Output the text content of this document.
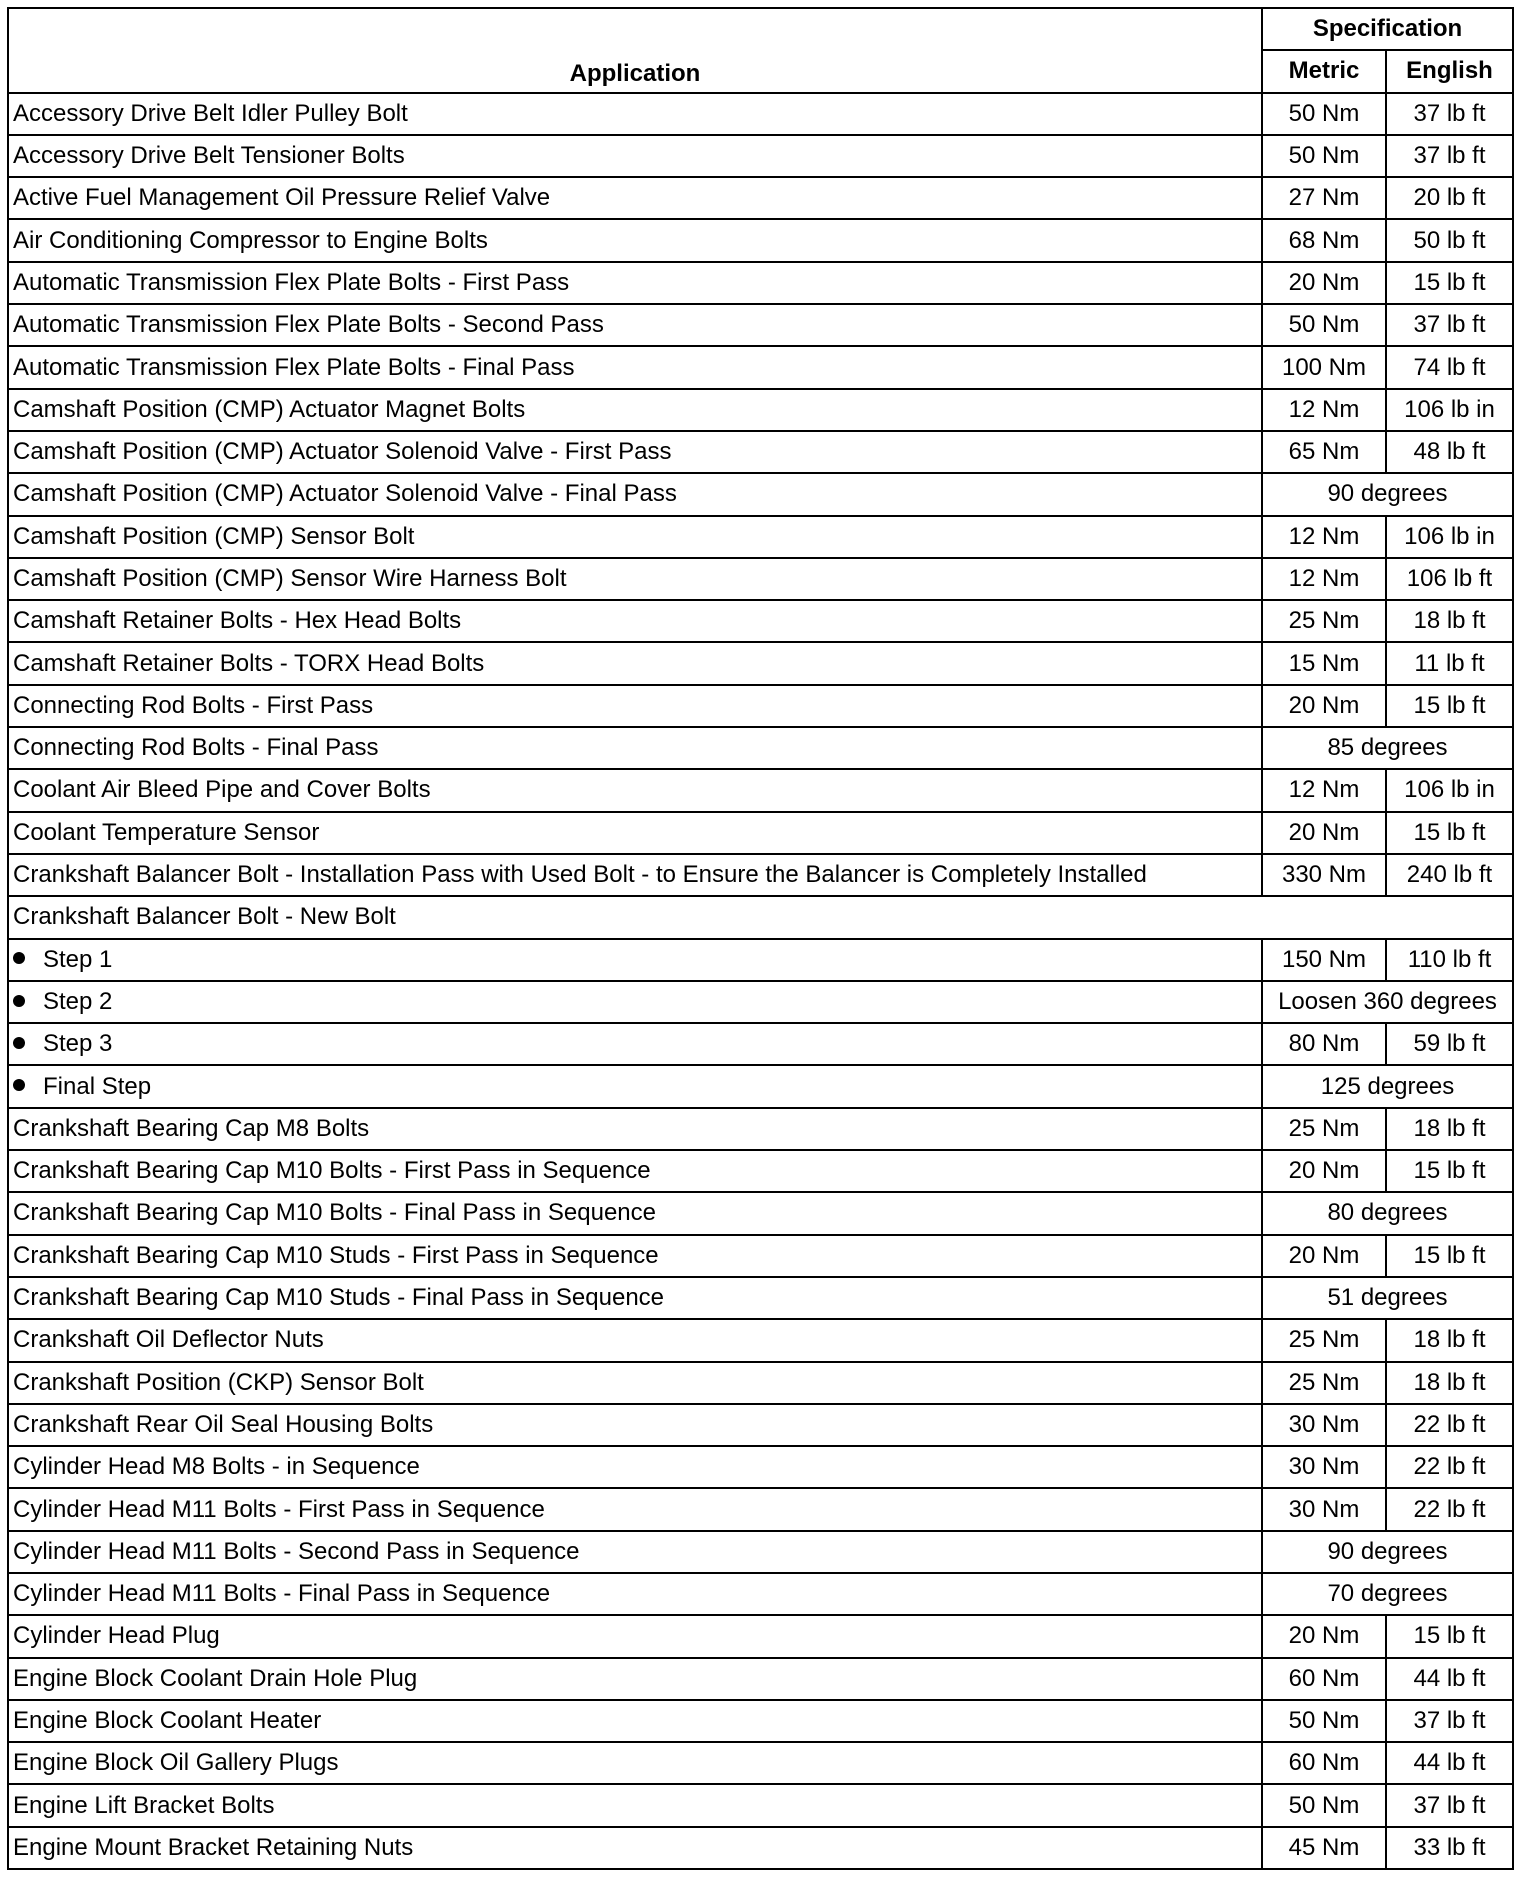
Application	Specification	
	Metric	English
Accessory Drive Belt Idler Pulley Bolt	50 Nm	37 lb ft
Accessory Drive Belt Tensioner Bolts	50 Nm	37 lb ft
Active Fuel Management Oil Pressure Relief Valve	27 Nm	20 lb ft
Air Conditioning Compressor to Engine Bolts	68 Nm	50 lb ft
Automatic Transmission Flex Plate Bolts - First Pass	20 Nm	15 lb ft
Automatic Transmission Flex Plate Bolts - Second Pass	50 Nm	37 lb ft
Automatic Transmission Flex Plate Bolts - Final Pass	100 Nm	74 lb ft
Camshaft Position (CMP) Actuator Magnet Bolts	12 Nm	106 lb in
Camshaft Position (CMP) Actuator Solenoid Valve - First Pass	65 Nm	48 lb ft
Camshaft Position (CMP) Actuator Solenoid Valve - Final Pass	90 degrees	
Camshaft Position (CMP) Sensor Bolt	12 Nm	106 lb in
Camshaft Position (CMP) Sensor Wire Harness Bolt	12 Nm	106 lb ft
Camshaft Retainer Bolts - Hex Head Bolts	25 Nm	18 lb ft
Camshaft Retainer Bolts - TORX Head Bolts	15 Nm	11 lb ft
Connecting Rod Bolts - First Pass	20 Nm	15 lb ft
Connecting Rod Bolts - Final Pass	85 degrees	
Coolant Air Bleed Pipe and Cover Bolts	12 Nm	106 lb in
Coolant Temperature Sensor	20 Nm	15 lb ft
Crankshaft Balancer Bolt - Installation Pass with Used Bolt - to Ensure the Balancer is Completely Installed	330 Nm	240 lb ft
Crankshaft Balancer Bolt - New Bolt		
Step 1	150 Nm	110 lb ft
Step 2	Loosen 360 degrees	
Step 3	80 Nm	59 lb ft
Final Step	125 degrees	
Crankshaft Bearing Cap M8 Bolts	25 Nm	18 lb ft
Crankshaft Bearing Cap M10 Bolts - First Pass in Sequence	20 Nm	15 lb ft
Crankshaft Bearing Cap M10 Bolts - Final Pass in Sequence	80 degrees	
Crankshaft Bearing Cap M10 Studs - First Pass in Sequence	20 Nm	15 lb ft
Crankshaft Bearing Cap M10 Studs - Final Pass in Sequence	51 degrees	
Crankshaft Oil Deflector Nuts	25 Nm	18 lb ft
Crankshaft Position (CKP) Sensor Bolt	25 Nm	18 lb ft
Crankshaft Rear Oil Seal Housing Bolts	30 Nm	22 lb ft
Cylinder Head M8 Bolts - in Sequence	30 Nm	22 lb ft
Cylinder Head M11 Bolts - First Pass in Sequence	30 Nm	22 lb ft
Cylinder Head M11 Bolts - Second Pass in Sequence	90 degrees	
Cylinder Head M11 Bolts - Final Pass in Sequence	70 degrees	
Cylinder Head Plug	20 Nm	15 lb ft
Engine Block Coolant Drain Hole Plug	60 Nm	44 lb ft
Engine Block Coolant Heater	50 Nm	37 lb ft
Engine Block Oil Gallery Plugs	60 Nm	44 lb ft
Engine Lift Bracket Bolts	50 Nm	37 lb ft
Engine Mount Bracket Retaining Nuts	45 Nm	33 lb ft
